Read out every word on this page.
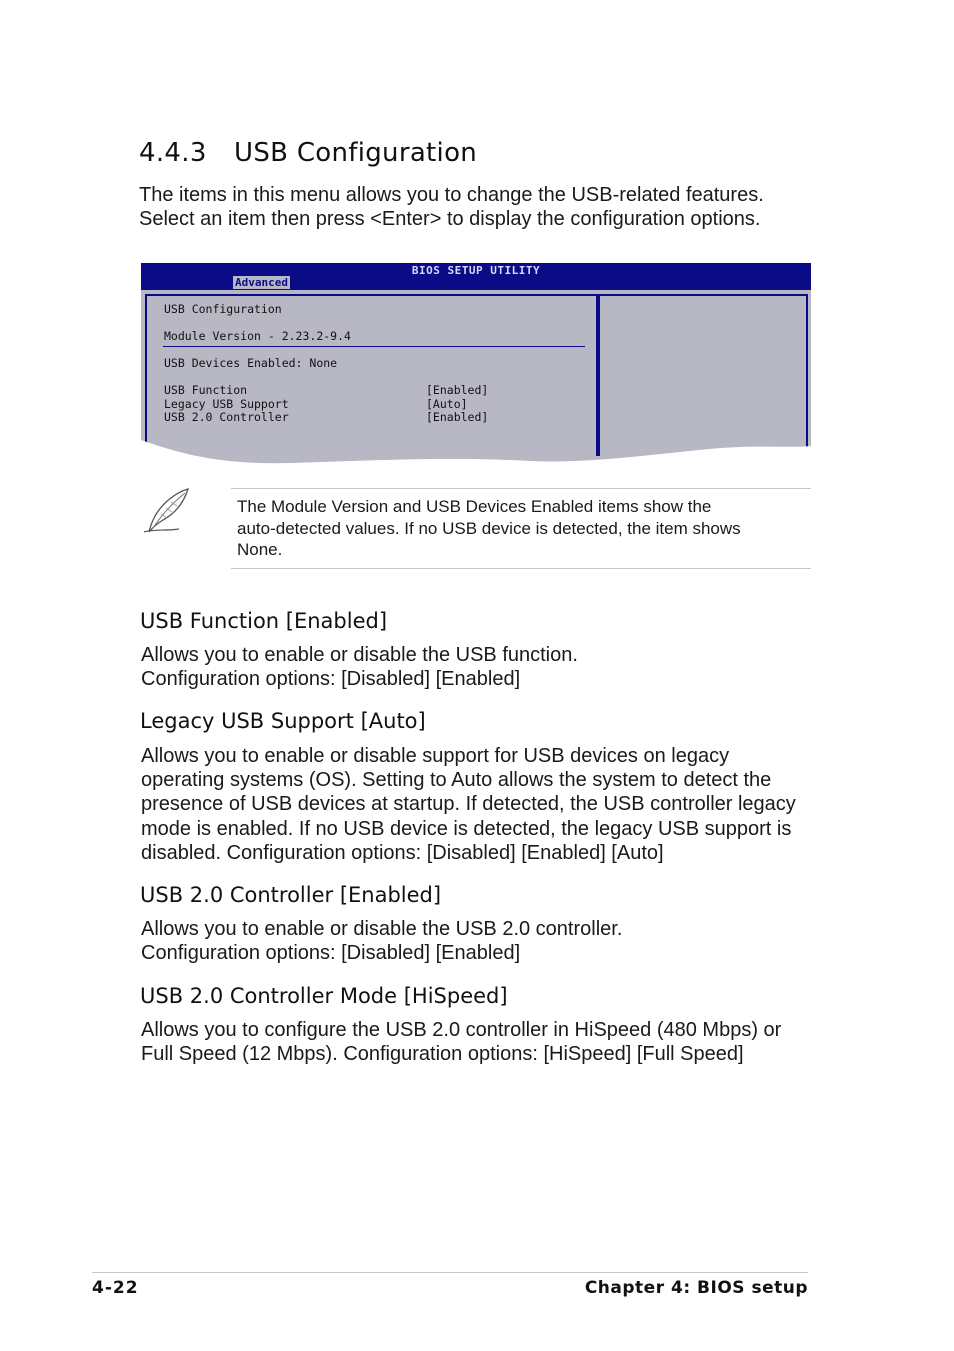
4.4.3 USB Configuration

The items in this menu allows you to change the USB-related features.
Select an item then press <Enter> to display the configuration options.

BIOS SETUP UTILITY
Advanced
USB Configuration
Module Version - 2.23.2-9.4
USB Devices Enabled: None
USB Function	[Enabled]
Legacy USB Support	[Auto]
USB 2.0 Controller	[Enabled]
The Module Version and USB Devices Enabled items show the
auto-detected values. If no USB device is detected, the item shows
None.
USB Function [Enabled]

Allows you to enable or disable the USB function.
Configuration options: [Disabled] [Enabled]

Legacy USB Support [Auto]

Allows you to enable or disable support for USB devices on legacy
operating systems (OS). Setting to Auto allows the system to detect the
presence of USB devices at startup. If detected, the USB controller legacy
mode is enabled. If no USB device is detected, the legacy USB support is
disabled. Configuration options: [Disabled] [Enabled] [Auto]

USB 2.0 Controller [Enabled]

Allows you to enable or disable the USB 2.0 controller.
Configuration options: [Disabled] [Enabled]

USB 2.0 Controller Mode [HiSpeed]

Allows you to configure the USB 2.0 controller in HiSpeed (480 Mbps) or
Full Speed (12 Mbps). Configuration options: [HiSpeed] [Full Speed]

4-22	Chapter 4: BIOS setup
